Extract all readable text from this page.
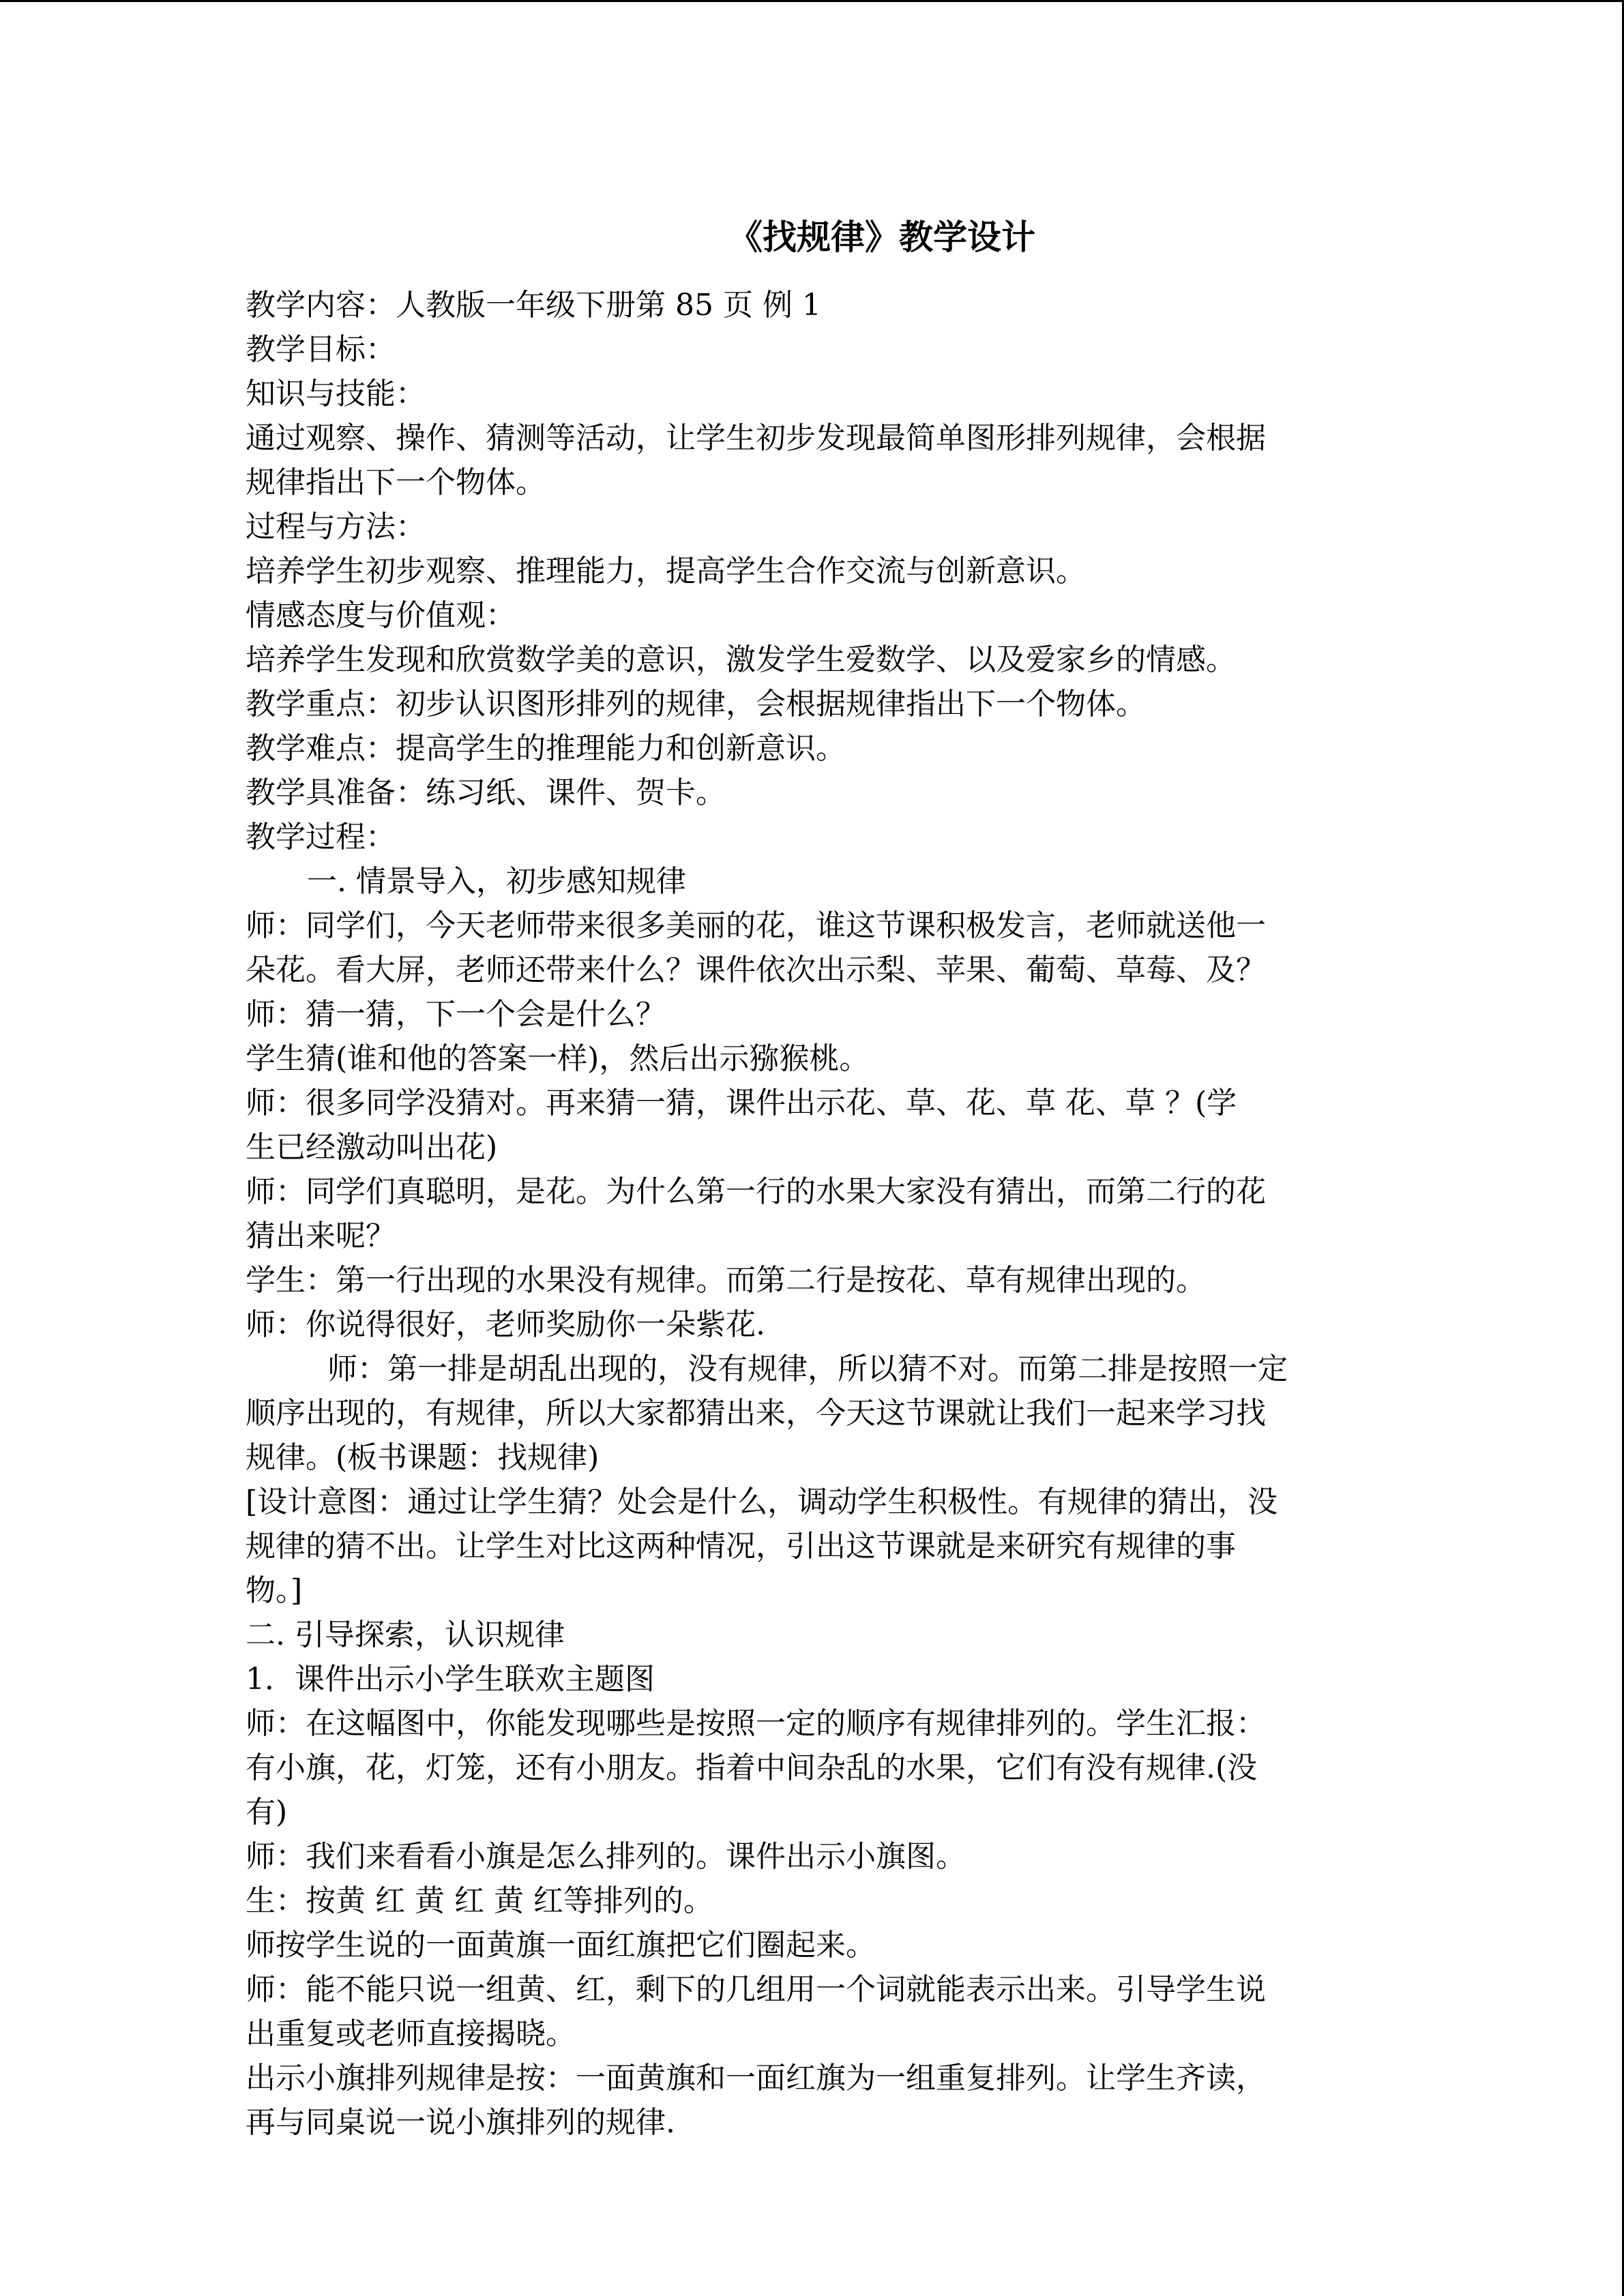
《找规律》教学设计
教学内容：人教版一年级下册第 85 页 例 1
教学目标：
知识与技能：
通过观察、操作、猜测等活动，让学生初步发现最简单图形排列规律，会根据
规律指出下一个物体。
过程与方法：
培养学生初步观察、推理能力，提高学生合作交流与创新意识。
情感态度与价值观：
培养学生发现和欣赏数学美的意识，激发学生爱数学、以及爱家乡的情感。
教学重点：初步认识图形排列的规律，会根据规律指出下一个物体。
教学难点：提高学生的推理能力和创新意识。
教学具准备：练习纸、课件、贺卡。
教学过程：
一. 情景导入，初步感知规律
师：同学们，今天老师带来很多美丽的花，谁这节课积极发言，老师就送他一
朵花。看大屏，老师还带来什么？课件依次出示梨、苹果、葡萄、草莓、及？
师：猜一猜，下一个会是什么？
学生猜(谁和他的答案一样)，然后出示猕猴桃。
师：很多同学没猜对。再来猜一猜，课件出示花、草、花、草 花、草 ？(学
生已经激动叫出花)
师：同学们真聪明，是花。为什么第一行的水果大家没有猜出，而第二行的花
猜出来呢？
学生：第一行出现的水果没有规律。而第二行是按花、草有规律出现的。
师：你说得很好，老师奖励你一朵紫花.
师：第一排是胡乱出现的，没有规律，所以猜不对。而第二排是按照一定
顺序出现的，有规律，所以大家都猜出来，今天这节课就让我们一起来学习找
规律。(板书课题：找规律)
[设计意图：通过让学生猜？处会是什么，调动学生积极性。有规律的猜出，没
规律的猜不出。让学生对比这两种情况，引出这节课就是来研究有规律的事
物。]
二. 引导探索，认识规律
1．课件出示小学生联欢主题图
师：在这幅图中，你能发现哪些是按照一定的顺序有规律排列的。学生汇报：
有小旗，花，灯笼，还有小朋友。指着中间杂乱的水果，它们有没有规律.(没
有)
师：我们来看看小旗是怎么排列的。课件出示小旗图。
生：按黄 红 黄 红 黄 红等排列的。
师按学生说的一面黄旗一面红旗把它们圈起来。
师：能不能只说一组黄、红，剩下的几组用一个词就能表示出来。引导学生说
出重复或老师直接揭晓。
出示小旗排列规律是按：一面黄旗和一面红旗为一组重复排列。让学生齐读，
再与同桌说一说小旗排列的规律.
